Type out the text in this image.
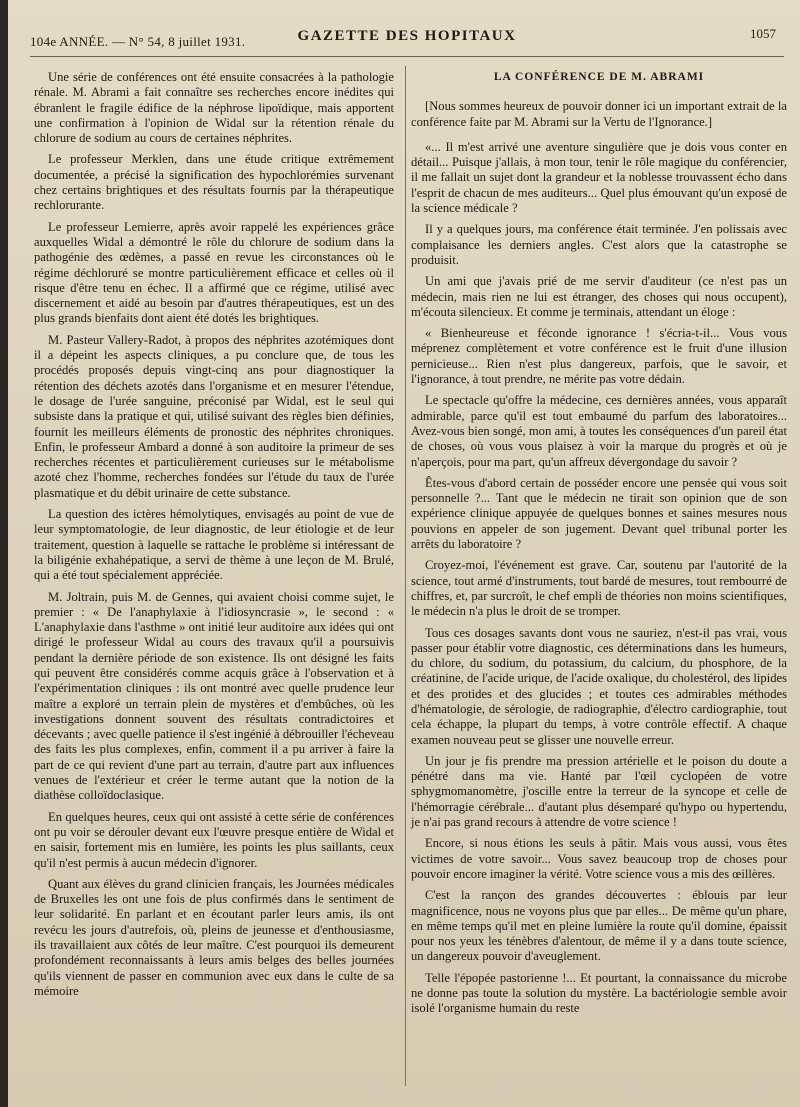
104e ANNÉE. — N° 54, 8 juillet 1931.	GAZETTE DES HOPITAUX	1057

Une série de conférences ont été ensuite consacrées à la pathologie rénale. M. Abrami a fait connaître ses recherches encore inédites qui ébranlent le fragile édifice de la néphrose lipoïdique, mais apportent une confirmation à l'opinion de Widal sur la rétention rénale du chlorure de sodium au cours de certaines néphrites.

Le professeur Merklen, dans une étude critique extrêmement documentée, a précisé la signification des hypochlorémies survenant chez certains brightiques et des résultats fournis par la thérapeutique rechlorurante.

Le professeur Lemierre, après avoir rappelé les expériences grâce auxquelles Widal a démontré le rôle du chlorure de sodium dans la pathogénie des œdèmes, a passé en revue les circonstances où le régime déchloruré se montre particulièrement efficace et celles où il risque d'être tenu en échec. Il a affirmé que ce régime, utilisé avec discernement et aidé au besoin par d'autres thérapeutiques, est un des plus grands bienfaits dont aient été dotés les brightiques.

M. Pasteur Vallery-Radot, à propos des néphrites azotémiques dont il a dépeint les aspects cliniques, a pu conclure que, de tous les procédés proposés depuis vingt-cinq ans pour diagnostiquer la rétention des déchets azotés dans l'organisme et en mesurer l'étendue, le dosage de l'urée sanguine, préconisé par Widal, est le seul qui subsiste dans la pratique et qui, utilisé suivant des règles bien définies, fournit les meilleurs éléments de pronostic des néphrites chroniques. Enfin, le professeur Ambard a donné à son auditoire la primeur de ses recherches récentes et particulièrement curieuses sur le métabolisme azoté chez l'homme, recherches fondées sur l'étude du taux de l'urée plasmatique et du débit urinaire de cette substance.

La question des ictères hémolytiques, envisagés au point de vue de leur symptomatologie, de leur diagnostic, de leur étiologie et de leur traitement, question à laquelle se rattache le problème si intéressant de la biligénie exhahépatique, a servi de thème à une leçon de M. Brulé, qui a été tout spécialement appréciée.

M. Joltrain, puis M. de Gennes, qui avaient choisi comme sujet, le premier : « De l'anaphylaxie à l'idiosyncrasie », le second : « L'anaphylaxie dans l'asthme » ont initié leur auditoire aux idées qui ont dirigé le professeur Widal au cours des travaux qu'il a poursuivis pendant la dernière période de son existence. Ils ont désigné les faits qui peuvent être considérés comme acquis grâce à l'observation et à l'expérimentation cliniques : ils ont montré avec quelle prudence leur maître a exploré un terrain plein de mystères et d'embûches, où les investigations donnent souvent des résultats contradictoires et décevants ; avec quelle patience il s'est ingénié à débrouiller l'écheveau des faits les plus complexes, enfin, comment il a pu arriver à faire la part de ce qui revient d'une part au terrain, d'autre part aux influences venues de l'extérieur et créer le terme autant que la notion de la diathèse colloïdoclasique.

En quelques heures, ceux qui ont assisté à cette série de conférences ont pu voir se dérouler devant eux l'œuvre presque entière de Widal et en saisir, fortement mis en lumière, les points les plus saillants, ceux qu'il n'est permis à aucun médecin d'ignorer.

Quant aux élèves du grand clinicien français, les Journées médicales de Bruxelles les ont une fois de plus confirmés dans le sentiment de leur solidarité. En parlant et en écoutant parler leurs amis, ils ont revécu les jours d'autrefois, où, pleins de jeunesse et d'enthousiasme, ils travaillaient aux côtés de leur maître. C'est pourquoi ils demeurent profondément reconnaissants à leurs amis belges des belles journées qu'ils viennent de passer en communion avec eux dans le culte de sa mémoire

LA CONFÉRENCE DE M. ABRAMI

[Nous sommes heureux de pouvoir donner ici un important extrait de la conférence faite par M. Abrami sur la Vertu de l'Ignorance.]

«... Il m'est arrivé une aventure singulière que je dois vous conter en détail... Puisque j'allais, à mon tour, tenir le rôle magique du conférencier, il me fallait un sujet dont la grandeur et la noblesse trouvassent écho dans l'esprit de chacun de mes auditeurs... Quel plus émouvant qu'un exposé de la science médicale ?

Il y a quelques jours, ma conférence était terminée. J'en polissais avec complaisance les derniers angles. C'est alors que la catastrophe se produisit.

Un ami que j'avais prié de me servir d'auditeur (ce n'est pas un médecin, mais rien ne lui est étranger, des choses qui nous occupent), m'écouta silencieux. Et comme je terminais, attendant un éloge :

« Bienheureuse et féconde ignorance ! s'écria-t-il... Vous vous méprenez complètement et votre conférence est le fruit d'une illusion pernicieuse... Rien n'est plus dangereux, parfois, que le savoir, et l'ignorance, à tout prendre, ne mérite pas votre dédain.

Le spectacle qu'offre la médecine, ces dernières années, vous apparaît admirable, parce qu'il est tout embaumé du parfum des laboratoires... Avez-vous bien songé, mon ami, à toutes les conséquences d'un pareil état de choses, où vous vous plaisez à voir la marque du progrès et où je n'aperçois, pour ma part, qu'un affreux dévergondage du savoir ?

Êtes-vous d'abord certain de posséder encore une pensée qui vous soit personnelle ?... Tant que le médecin ne tirait son opinion que de son expérience clinique appuyée de quelques bonnes et saines mesures nous pouvions en appeler de son jugement. Devant quel tribunal porter les arrêts du laboratoire ?

Croyez-moi, l'événement est grave. Car, soutenu par l'autorité de la science, tout armé d'instruments, tout bardé de mesures, tout rembourré de chiffres, et, par surcroît, le chef empli de théories non moins scientifiques, le médecin n'a plus le droit de se tromper.

Tous ces dosages savants dont vous ne sauriez, n'est-il pas vrai, vous passer pour établir votre diagnostic, ces déterminations dans les humeurs, du chlore, du sodium, du potassium, du calcium, du phosphore, de la créatinine, de l'acide urique, de l'acide oxalique, du cholestérol, des lipides et des protides et des glucides ; et toutes ces admirables méthodes d'hématologie, de sérologie, de radiographie, d'électro cardiographie, tout cela échappe, la plupart du temps, à votre contrôle effectif. A chaque examen nouveau peut se glisser une nouvelle erreur.

Un jour je fis prendre ma pression artérielle et le poison du doute a pénétré dans ma vie. Hanté par l'œil cyclopéen de votre sphygmomanomètre, j'oscille entre la terreur de la syncope et celle de l'hémorragie cérébrale... d'autant plus désemparé qu'hypo ou hypertendu, je n'ai pas grand recours à attendre de votre science !

Encore, si nous étions les seuls à pâtir. Mais vous aussi, vous êtes victimes de votre savoir... Vous savez beaucoup trop de choses pour pouvoir encore imaginer la vérité. Votre science vous a mis des œillères.

C'est la rançon des grandes découvertes : éblouis par leur magnificence, nous ne voyons plus que par elles... De même qu'un phare, en même temps qu'il met en pleine lumière la route qu'il domine, épaissit pour nos yeux les ténèbres d'alentour, de même il y a dans toute science, un dangereux pouvoir d'aveuglement.

Telle l'épopée pastorienne !... Et pourtant, la connaissance du microbe ne donne pas toute la solution du mystère. La bactériologie semble avoir isolé l'organisme humain du reste
